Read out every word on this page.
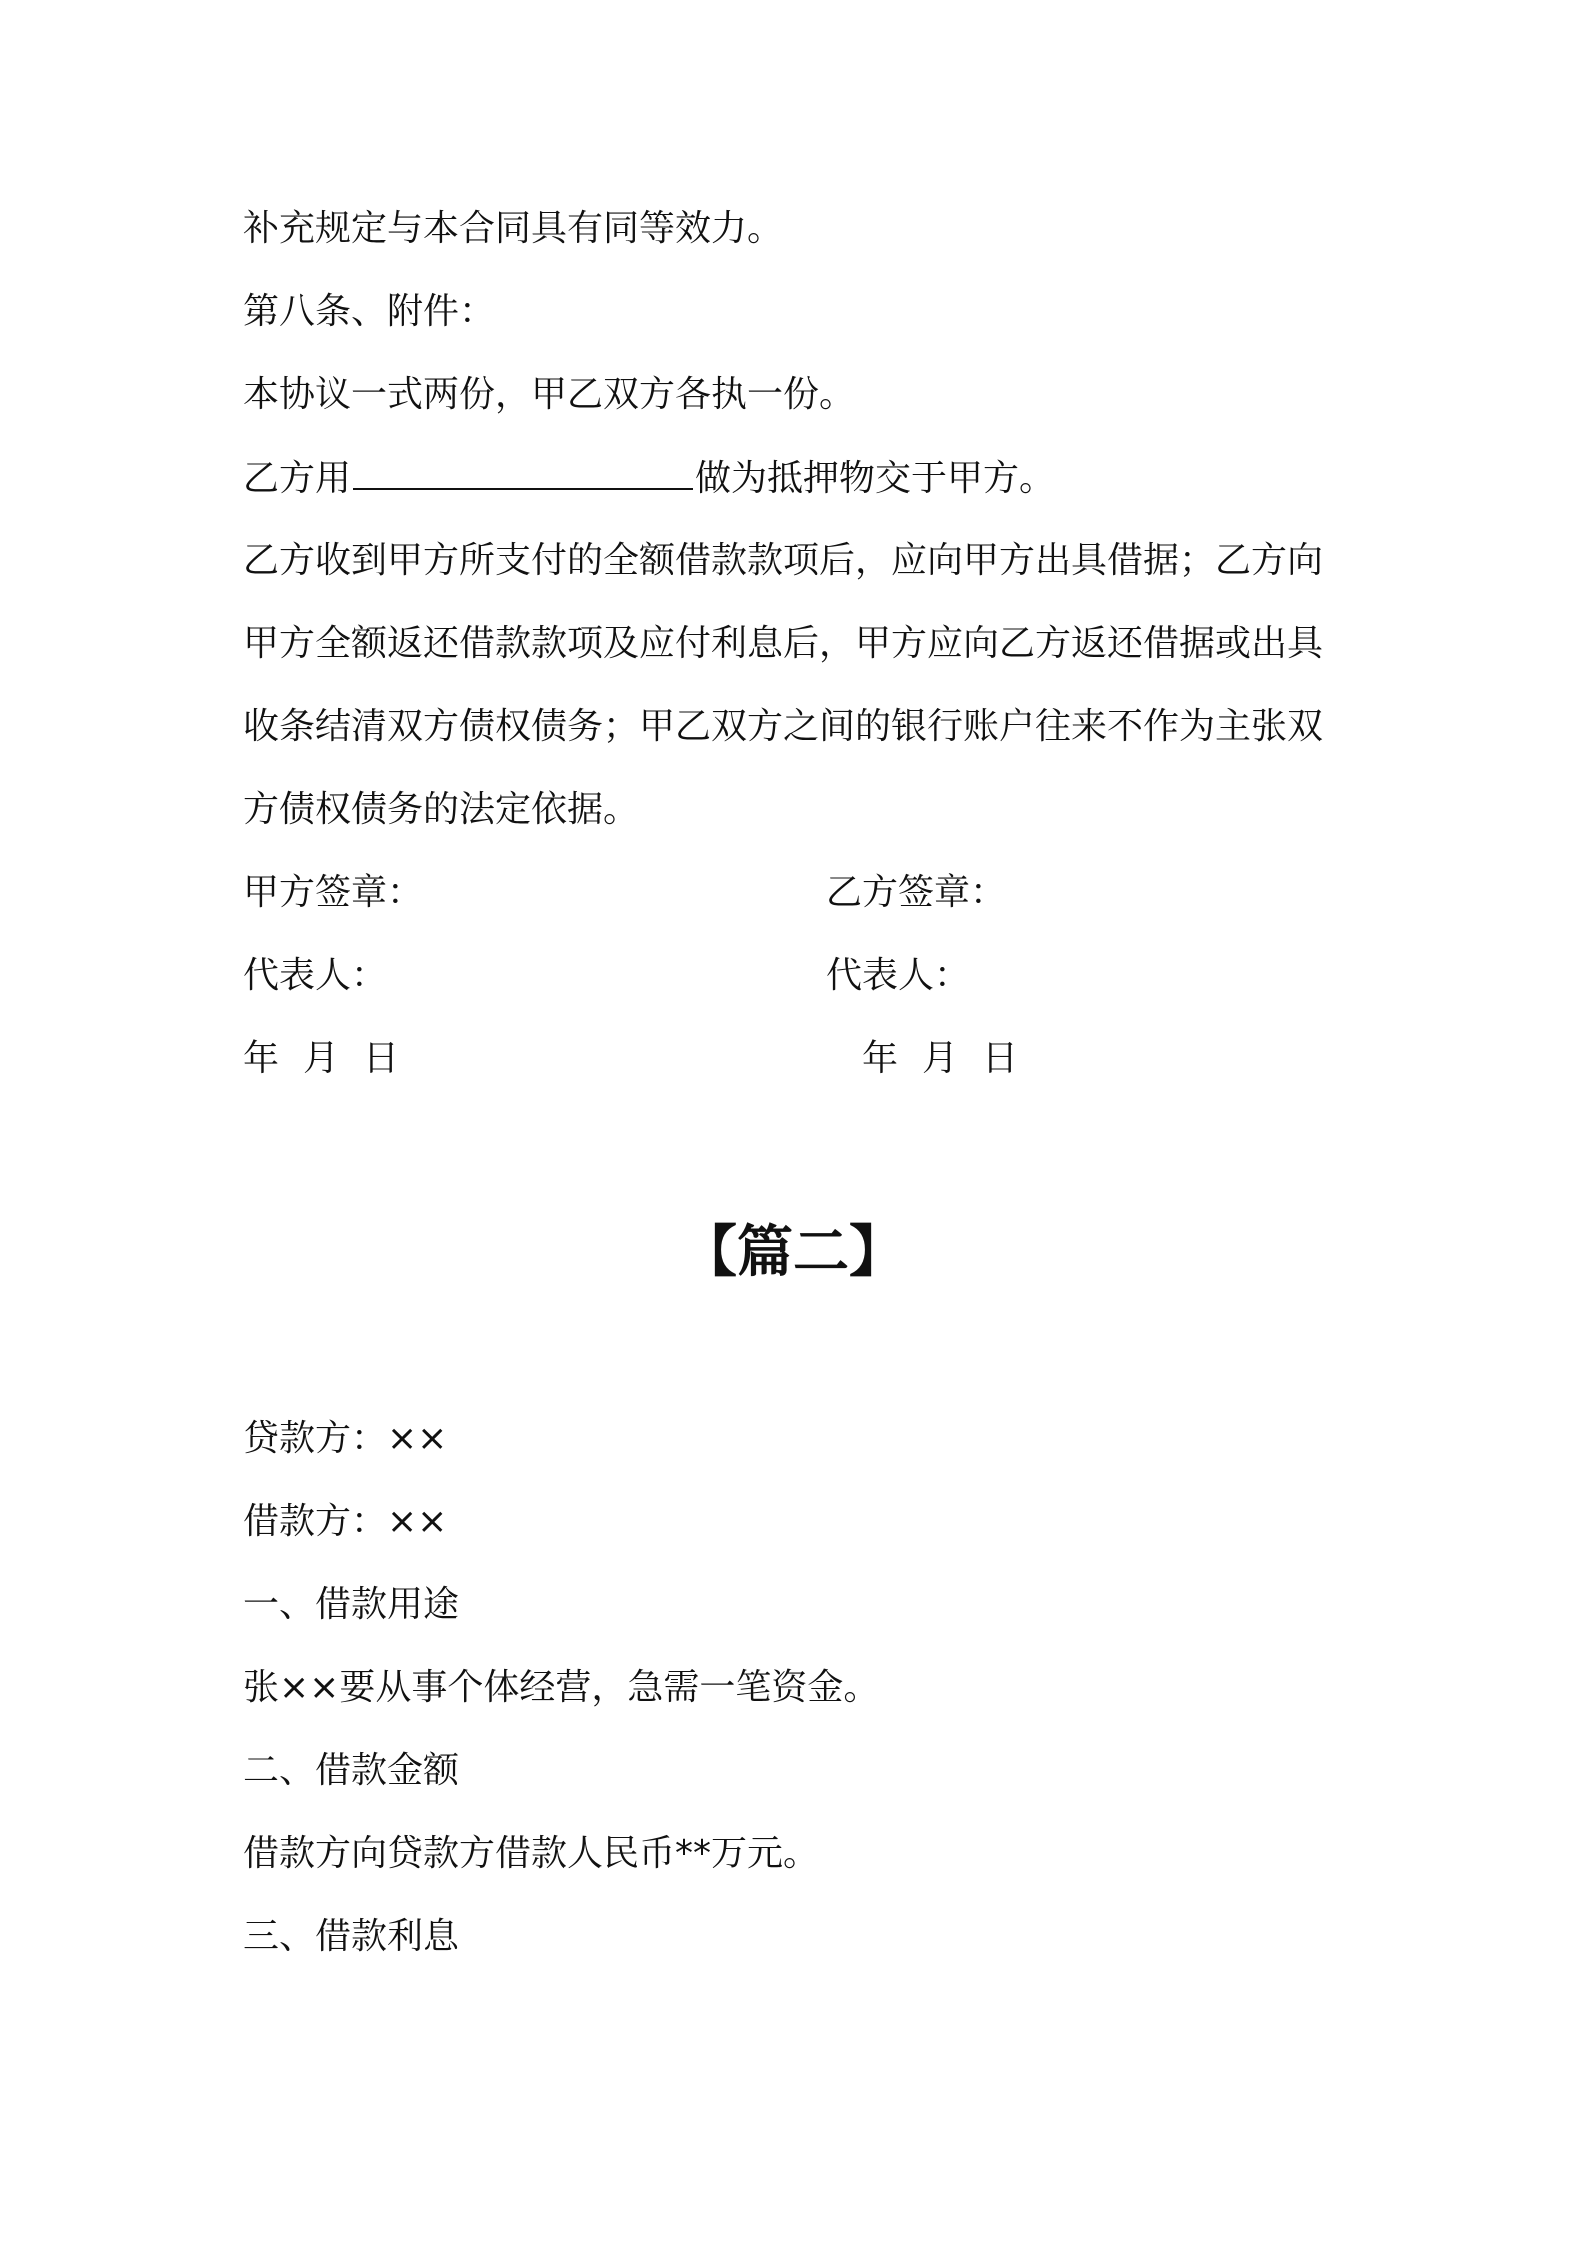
补充规定与本合同具有同等效力。

第八条、附件：

本协议一式两份，甲乙双方各执一份。

乙方用	做为抵押物交于甲方。

乙方收到甲方所支付的全额借款款项后，应向甲方出具借据；乙方向

甲方全额返还借款款项及应付利息后，甲方应向乙方返还借据或出具

收条结清双方债权债务；甲乙双方之间的银行账户往来不作为主张双

方债权债务的法定依据。

甲方签章：	乙方签章：

代表人：	代表人：

年 月 日	年 月 日

【篇二】

贷款方：××

借款方：××

一、借款用途

张××要从事个体经营，急需一笔资金。

二、借款金额

借款方向贷款方借款人民币**万元。

三、借款利息
